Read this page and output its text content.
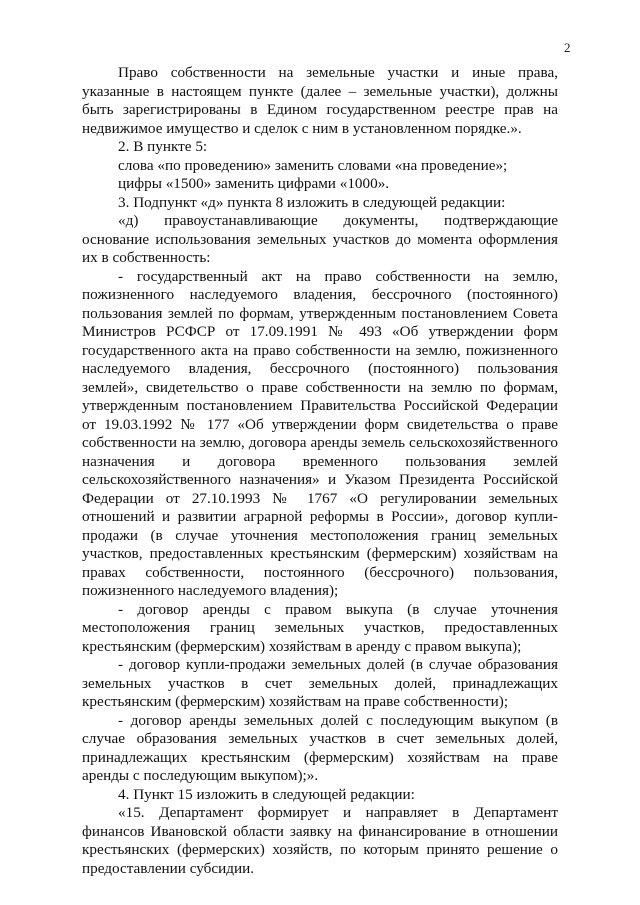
2

Право собственности на земельные участки и иные права, указанные в настоящем пункте (далее – земельные участки), должны быть зарегистрированы в Едином государственном реестре прав на недвижимое имущество и сделок с ним в установленном порядке.».

2. В пункте 5:

слова «по проведению» заменить словами «на проведение»;

цифры «1500» заменить цифрами «1000».

3. Подпункт «д» пункта 8 изложить в следующей редакции:

«д) правоустанавливающие документы, подтверждающие основание использования земельных участков до момента оформления их в собственность:

- государственный акт на право собственности на землю, пожизненного наследуемого владения, бессрочного (постоянного) пользования землей по формам, утвержденным постановлением Совета Министров РСФСР от 17.09.1991 № 493 «Об утверждении форм государственного акта на право собственности на землю, пожизненного наследуемого владения, бессрочного (постоянного) пользования землей», свидетельство о праве собственности на землю по формам, утвержденным постановлением Правительства Российской Федерации от 19.03.1992 № 177 «Об утверждении форм свидетельства о праве собственности на землю, договора аренды земель сельскохозяйственного назначения и договора временного пользования землей сельскохозяйственного назначения» и Указом Президента Российской Федерации от 27.10.1993 № 1767 «О регулировании земельных отношений и развитии аграрной реформы в России», договор купли-продажи (в случае уточнения местоположения границ земельных участков, предоставленных крестьянским (фермерским) хозяйствам на правах собственности, постоянного (бессрочного) пользования, пожизненного наследуемого владения);

- договор аренды с правом выкупа (в случае уточнения местоположения границ земельных участков, предоставленных крестьянским (фермерским) хозяйствам в аренду с правом выкупа);

- договор купли-продажи земельных долей (в случае образования земельных участков в счет земельных долей, принадлежащих крестьянским (фермерским) хозяйствам на праве собственности);

- договор аренды земельных долей с последующим выкупом (в случае образования земельных участков в счет земельных долей, принадлежащих крестьянским (фермерским) хозяйствам на праве аренды с последующим выкупом);».

4. Пункт 15 изложить в следующей редакции:

«15. Департамент формирует и направляет в Департамент финансов Ивановской области заявку на финансирование в отношении крестьянских (фермерских) хозяйств, по которым принято решение о предоставлении субсидии.
